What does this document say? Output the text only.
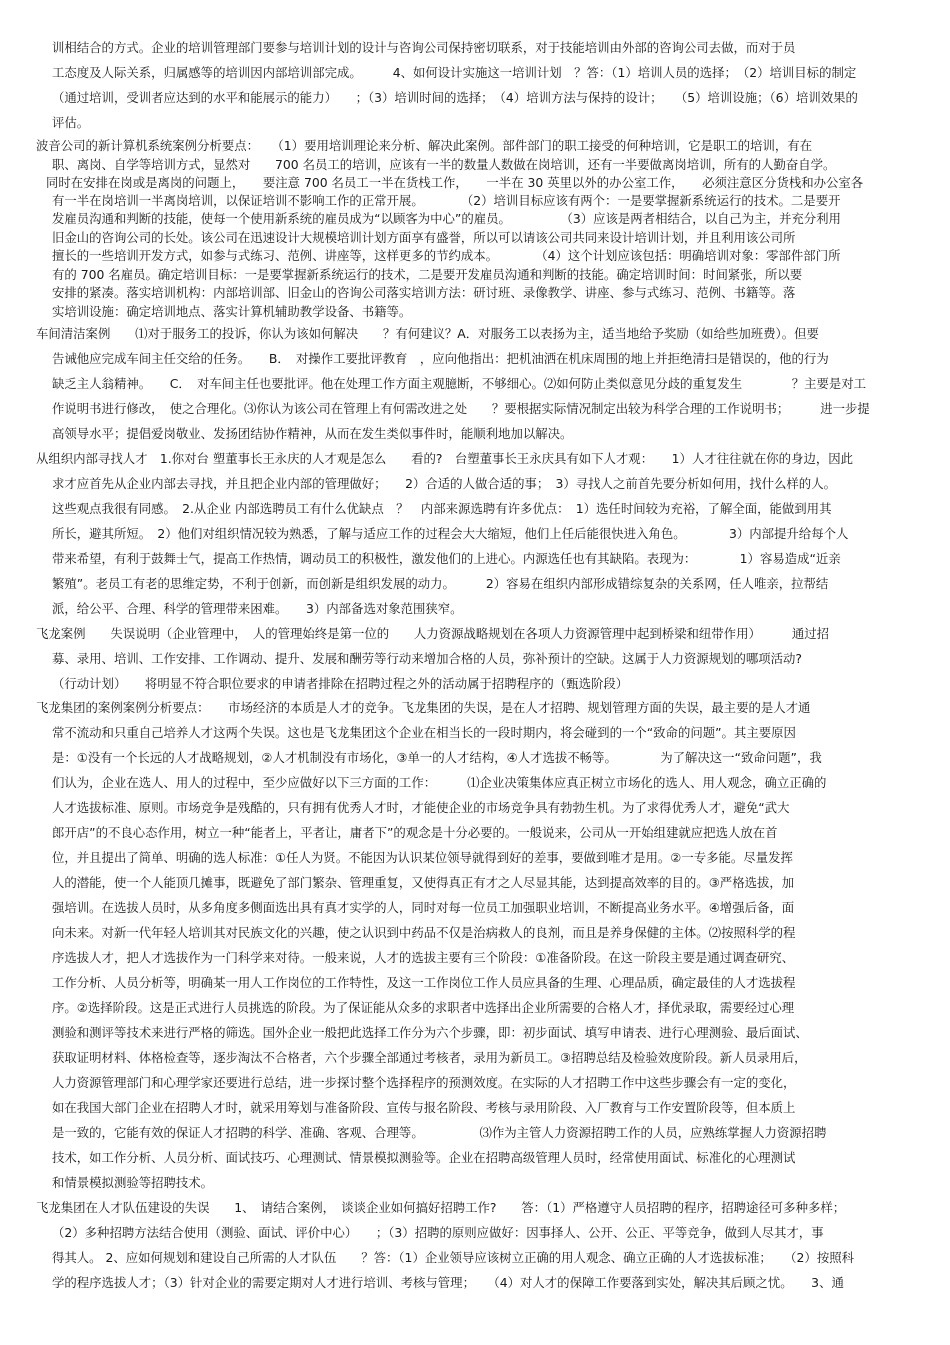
训相结合的方式。企业的培训管理部门要参与培训计划的设计与咨询公司保持密切联系，对于技能培训由外部的咨询公司去做，而对于员
工态度及人际关系，归属感等的培训因内部培训部完成。　　　4、如何设计实施这一培训计划　？答：（1）培训人员的选择；　（2）培训目标的制定
（通过培训，受训者应达到的水平和能展示的能力）　　；（3）培训时间的选择；　（4）培训方法与保持的设计；　　（5）培训设施；（6）培训效果的
评估。
波音公司的新计算机系统案例分析要点：　　（1）要用培训理论来分析、解决此案例。部件部门的职工接受的何种培训，它是职工的培训，有在
职、离岗、自学等培训方式，显然对　　700 名员工的培训，应该有一半的数量人数做在岗培训，还有一半要做离岗培训，所有的人勤奋自学。
同时在安排在岗或是离岗的问题上，　　要注意 700 名员工一半在货栈工作，　　一半在 30 英里以外的办公室工作，　　必须注意区分货栈和办公室各
有一半在岗培训一半离岗培训，以保证培训不影响工作的正常开展。　　　　（2）培训目标应该有两个：一是要掌握新系统运行的技术。二是要开
发雇员沟通和判断的技能，使每一个使用新系统的雇员成为“以顾客为中心”的雇员。　　　　　（3）应该是两者相结合，以自己为主，并充分利用
旧金山的咨询公司的长处。该公司在迅速设计大规模培训计划方面享有盛誉，所以可以请该公司共同来设计培训计划，并且利用该公司所
擅长的一些培训开发方式，如参与式练习、范例、讲座等，这样更多的节约成本。　　　　（4）这个计划应该包括：明确培训对象：零部件部门所
有的 700 名雇员。确定培训目标：一是要掌握新系统运行的技术，二是要开发雇员沟通和判断的技能。确定培训时间：时间紧张，所以要
安排的紧凑。落实培训机构：内部培训部、旧金山的咨询公司落实培训方法：研讨班、录像教学、讲座、参与式练习、范例、书籍等。落
实培训设施：确定培训地点、落实计算机辅助教学设备、书籍等。
车间清洁案例　　⑴对于服务工的投诉，你认为该如何解决　　？有何建议？A．对服务工以表扬为主，适当地给予奖励（如给些加班费）。但要
告诫他应完成车间主任交给的任务。　　B．　对操作工要批评教育　，应向他指出：把机油洒在机床周围的地上并拒绝清扫是错误的，他的行为
缺乏主人翁精神。　　C．　对车间主任也要批评。他在处理工作方面主观臆断，不够细心。⑵如何防止类似意见分歧的重复发生　　　　？主要是对工
作说明书进行修改，　使之合理化。⑶你认为该公司在管理上有何需改进之处　　？要根据实际情况制定出较为科学合理的工作说明书；　　　进一步提
高领导水平；提倡爱岗敬业、发扬团结协作精神，从而在发生类似事件时，能顺利地加以解决。
从组织内部寻找人才　1.你对台 塑董事长王永庆的人才观是怎么　　看的?　台塑董事长王永庆具有如下人才观：　　1）人才往往就在你的身边，因此
求才应首先从企业内部去寻找，并且把企业内部的管理做好；　　2）合适的人做合适的事；　3）寻找人之前首先要分析如何用，找什么样的人。
这些观点我很有同感。　2.从企业 内部选聘员工有什么优缺点　？　内部来源选聘有许多优点：　1）选任时间较为充裕，了解全面，能做到用其
所长，避其所短。　2）他们对组织情况较为熟悉，了解与适应工作的过程会大大缩短，他们上任后能很快进入角色。　　　　3）内部提升给每个人
带来希望，有利于鼓舞士气，提高工作热情，调动员工的积极性，激发他们的上进心。内源选任也有其缺陷。表现为：　　　　1）容易造成“近亲
繁殖”。老员工有老的思维定势，不利于创新，而创新是组织发展的动力。　　　2）容易在组织内部形成错综复杂的关系网，任人唯亲，拉帮结
派，给公平、合理、科学的管理带来困难。　　3）内部备选对象范围狭窄。
飞龙案例　　失误说明（企业管理中，　人的管理始终是第一位的　　人力资源战略规划在各项人力资源管理中起到桥梁和纽带作用）　　　通过招
募、录用、培训、工作安排、工作调动、提升、发展和酬劳等行动来增加合格的人员，弥补预计的空缺。这属于人力资源规划的哪项活动?
（行动计划）　　将明显不符合职位要求的申请者排除在招聘过程之外的活动属于招聘程序的（甄选阶段）
飞龙集团的案例案例分析要点：　　市场经济的本质是人才的竞争。飞龙集团的失误，是在人才招聘、规划管理方面的失误，最主要的是人才通
常不流动和只重自己培养人才这两个失误。这也是飞龙集团这个企业在相当长的一段时期内，将会碰到的一个“致命的问题”。其主要原因
是：①没有一个长远的人才战略规划，②人才机制没有市场化，③单一的人才结构，④人才选拔不畅等。　　　　为了解决这一“致命问题”，我
们认为，企业在选人、用人的过程中，至少应做好以下三方面的工作：　　　⑴企业决策集体应真正树立市场化的选人、用人观念，确立正确的
人才选拔标准、原则。市场竞争是残酷的，只有拥有优秀人才时，才能使企业的市场竞争具有勃勃生机。为了求得优秀人才，避免“武大
郎开店”的不良心态作用，树立一种“能者上，平者让，庸者下”的观念是十分必要的。一般说来，公司从一开始组建就应把选人放在首
位，并且提出了简单、明确的选人标准：①任人为贤。不能因为认识某位领导就得到好的差事，要做到唯才是用。②一专多能。尽量发挥
人的潜能，使一个人能顶几摊事，既避免了部门繁杂、管理重复，又使得真正有才之人尽显其能，达到提高效率的目的。③严格选拔，加
强培训。在选拔人员时，从多角度多侧面选出具有真才实学的人，同时对每一位员工加强职业培训，不断提高业务水平。④增强后备，面
向未来。对新一代年轻人培训其对民族文化的兴趣，使之认识到中药品不仅是治病救人的良剂，而且是养身保健的主体。⑵按照科学的程
序选拔人才，把人才选拔作为一门科学来对待。一般来说，人才的选拔主要有三个阶段：①准备阶段。在这一阶段主要是通过调查研究、
工作分析、人员分析等，明确某一用人工作岗位的工作特性，及这一工作岗位工作人员应具备的生理、心理品质，确定最佳的人才选拔程
序。②选择阶段。这是正式进行人员挑选的阶段。为了保证能从众多的求职者中选择出企业所需要的合格人才，择优录取，需要经过心理
测验和测评等技术来进行严格的筛选。国外企业一般把此选择工作分为六个步骤，即：初步面试、填写申请表、进行心理测验、最后面试、
获取证明材料、体格检查等，逐步淘汰不合格者，六个步骤全部通过考核者，录用为新员工。③招聘总结及检验效度阶段。新人员录用后，
人力资源管理部门和心理学家还要进行总结，进一步探讨整个选择程序的预测效度。在实际的人才招聘工作中这些步骤会有一定的变化，
如在我国大部门企业在招聘人才时，就采用筹划与准备阶段、宣传与报名阶段、考核与录用阶段、入厂教育与工作安置阶段等，但本质上
是一致的，它能有效的保证人才招聘的科学、准确、客观、合理等。　　　　　⑶作为主管人力资源招聘工作的人员，应熟练掌握人力资源招聘
技术，如工作分析、人员分析、面试技巧、心理测试、情景模拟测验等。企业在招聘高级管理人员时，经常使用面试、标准化的心理测试
和情景模拟测验等招聘技术。
飞龙集团在人才队伍建设的失误　　1、　请结合案例，　谈谈企业如何搞好招聘工作?　　答：（1）严格遵守人员招聘的程序，招聘途径可多种多样；
（2）多种招聘方法结合使用（测验、面试、评价中心）　　；（3）招聘的原则应做好：因事择人、公开、公正、平等竞争，做到人尽其才，事
得其人。 2、应如何规划和建设自己所需的人才队伍　　？答：（1）企业领导应该树立正确的用人观念、确立正确的人才选拔标准；　　（2）按照科
学的程序选拔人才；（3）针对企业的需要定期对人才进行培训、考核与管理；　　（4）对人才的保障工作要落到实处，解决其后顾之忧。　　3、通
